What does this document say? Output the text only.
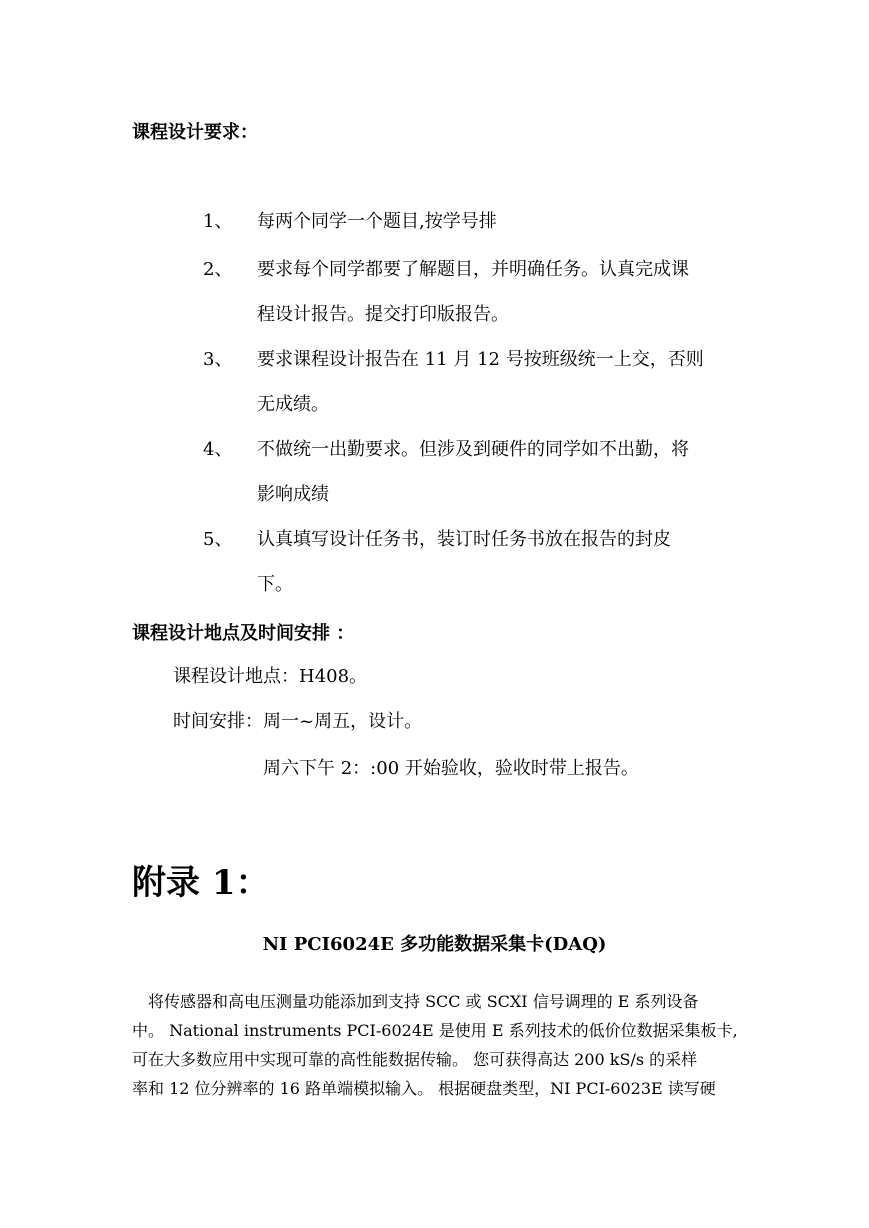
课程设计要求：
1、 每两个同学一个题目,按学号排
2、 要求每个同学都要了解题目，并明确任务。认真完成课
程设计报告。提交打印版报告。
3、 要求课程设计报告在 11 月 12 号按班级统一上交，否则
无成绩。
4、 不做统一出勤要求。但涉及到硬件的同学如不出勤，将
影响成绩
5、 认真填写设计任务书，装订时任务书放在报告的封皮
下。
课程设计地点及时间安排 ：
课程设计地点：H408。
时间安排：周一~周五，设计。
周六下午 2：:00 开始验收，验收时带上报告。
附录 1：
NI PCI6024E 多功能数据采集卡(DAQ)
将传感器和高电压测量功能添加到支持 SCC 或 SCXI 信号调理的 E 系列设备
中。 National instruments PCI-6024E 是使用 E 系列技术的低价位数据采集板卡,
可在大多数应用中实现可靠的高性能数据传输。 您可获得高达 200 kS/s 的采样
率和 12 位分辨率的 16 路单端模拟输入。 根据硬盘类型，NI PCI-6023E 读写硬
